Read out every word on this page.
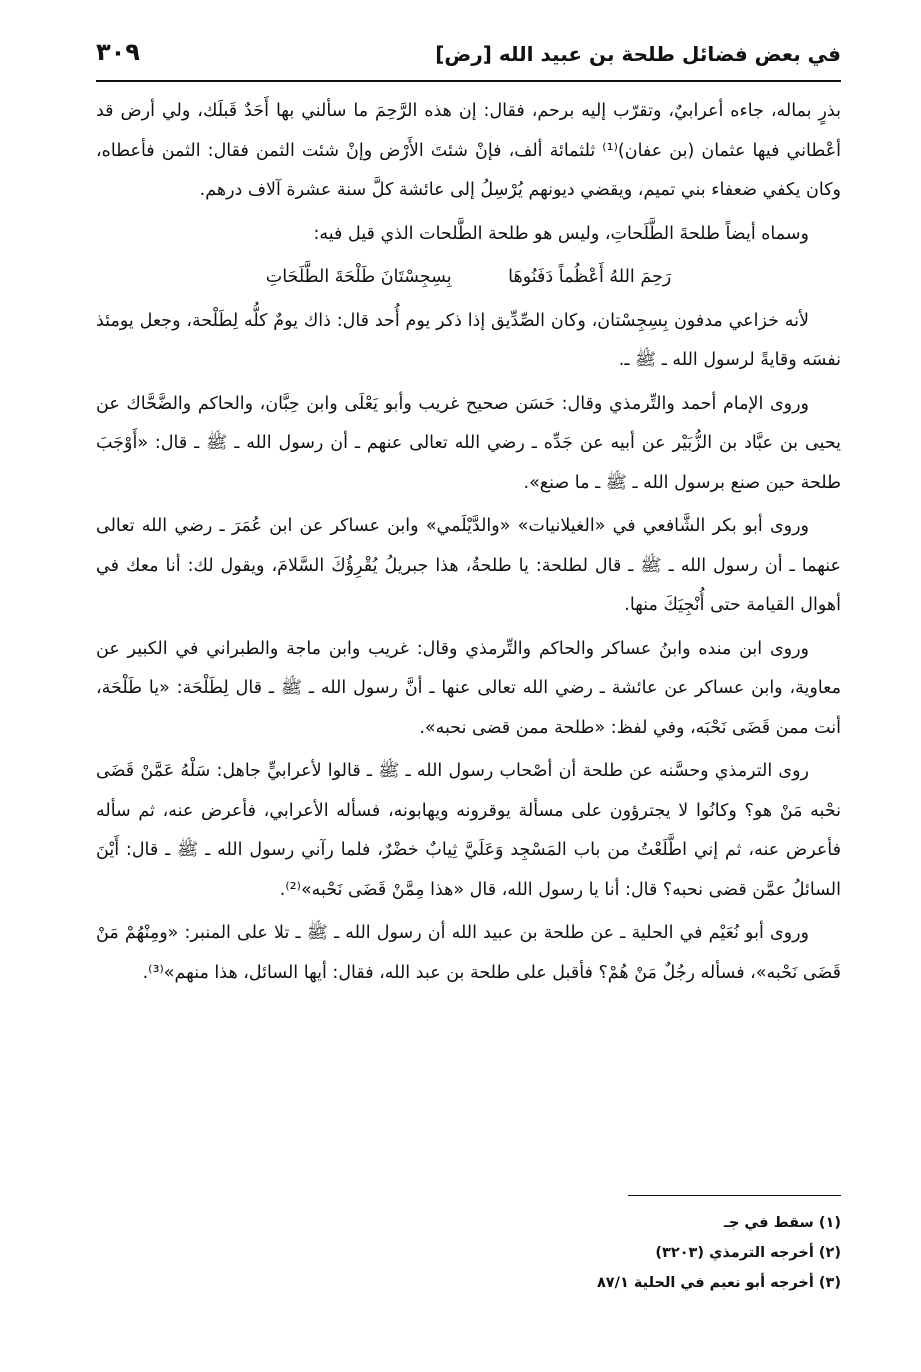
في بعض فضائل طلحة بن عبيد الله [رض]
٣٠٩

بذرٍ بماله، جاءه أعرابيٌ، وتقرّب إليه برحم، فقال: إن هذه الرَّحِمَ ما سألني بها أَحَدٌ قَبلَك، ولي أرض قد أعْطاني فيها عثمان (بن عفان)⁽¹⁾ ثلثمائة ألف، فإنْ شئتَ الأَرْض وإنْ شئت الثمن فقال: الثمن فأعطاه، وكان يكفي ضعفاء بني تميم، ويقضي ديونهم يُرْسِلُ إلى عائشة كلَّ سنة عشرة آلاف درهم.

وسماه أيضاً طلحةَ الطَّلَحاتِ، وليس هو طلحة الطَّلحات الذي قيل فيه:

رَحِمَ اللهُ أَعْظُماً دَفَنُوهَا بِسِجِسْتَانَ طَلْحَةَ الطَّلَحَاتِ

لأنه خزاعي مدفون بِسِجِسْتان، وكان الصِّدِّيق إذا ذكر يوم أُحد قال: ذاك يومٌ كلُّه لِطَلْحة، وجعل يومئذ نفسَه وقايةً لرسول الله ـ ﷺ ـ.

وروى الإمام أحمد والتِّرمذي وقال: حَسَن صحيح غريب وأبو يَعْلَى وابن حِبَّان، والحاكم والضَّحَّاك عن يحيى بن عبَّاد بن الزُّبَيْر عن أبيه عن جَدِّه ـ رضي الله تعالى عنهم ـ أن رسول الله ـ ﷺ ـ قال: «أَوْجَبَ طلحة حين صنع برسول الله ـ ﷺ ـ ما صنع».

وروى أبو بكر الشَّافعي في «الغيلانيات» «والدَّيْلَمي» وابن عساكر عن ابن عُمَرَ ـ رضي الله تعالى عنهما ـ أن رسول الله ـ ﷺ ـ قال لطلحة: يا طلحةُ، هذا جبريلُ يُقْرِؤُكَ السَّلامَ، ويقول لك: أنا معك في أهوال القيامة حتى أُنْجِيَكَ منها.

وروى ابن منده وابنُ عساكر والحاكم والتِّرمذي وقال: غريب وابن ماجة والطبراني في الكبير عن معاوية، وابن عساكر عن عائشة ـ رضي الله تعالى عنها ـ أنَّ رسول الله ـ ﷺ ـ قال لِطَلْحَة: «يا طَلْحَة، أنت ممن قَضَى نَحْبَه، وفي لفظ: «طلحة ممن قضى نحبه».

روى الترمذي وحسَّنه عن طلحة أن أصْحاب رسول الله ـ ﷺ ـ قالوا لأعرابيٍّ جاهل: سَلْهُ عَمَّنْ قَضَى نحْبه مَنْ هو؟ وكانُوا لا يجترؤون على مسألة يوقرونه ويهابونه، فسأله الأعرابي، فأعرض عنه، ثم سأله فأعرض عنه، ثم إني اطَّلَعْتُ من باب المَسْجِد وَعَلَيَّ ثِيابٌ خضْرٌ، فلما رآني رسول الله ـ ﷺ ـ قال: أَيْنَ السائلُ عمَّن قضى نحبه؟ قال: أنا يا رسول الله، قال «هذا مِمَّنْ قَضَى نَحْبه»⁽²⁾.

وروى أبو نُعَيْم في الحلية ـ عن طلحة بن عبيد الله أن رسول الله ـ ﷺ ـ تلا على المنبر: «ومِنْهُمْ مَنْ قَضَى نَحْبه»، فسأله رجُلٌ مَنْ هُمْ؟ فأقبل على طلحة بن عبد الله، فقال: أيها السائل، هذا منهم»⁽³⁾.

(١) سقط في جـ
(٢) أخرجه الترمذي (٣٢٠٣)
(٣) أخرجه أبو نعيم في الحلية ٨٧/١
